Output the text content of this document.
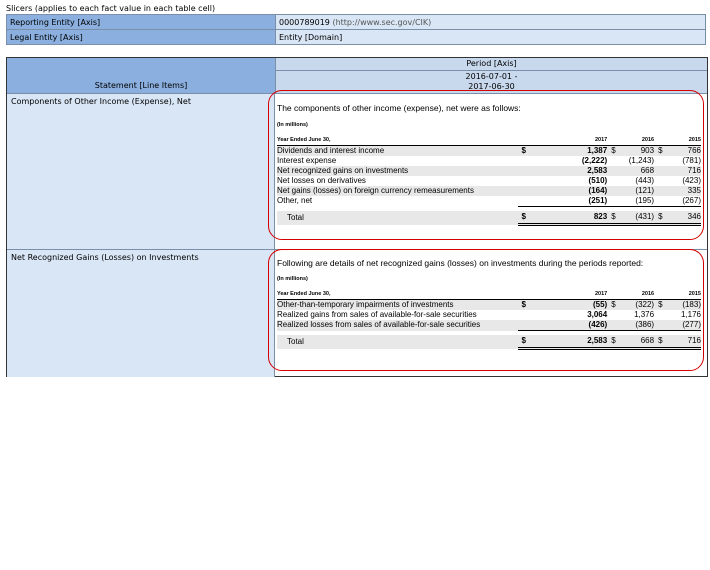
Slicers (applies to each fact value in each table cell)
Reporting Entity [Axis]	0000789019 (http://www.sec.gov/CIK)
Legal Entity [Axis]	Entity [Domain]
Statement [Line Items]
Period [Axis]
2016-07-01 -
2017-06-30
Components of Other Income (Expense), Net
The components of other income (expense), net were as follows:
(In millions)
Year Ended June 30,		2017		2016		2015
Dividends and interest income	$	1,387	$	903	$	766
Interest expense		(2,222)		(1,243)		(781)
Net recognized gains on investments		2,583		668		716
Net losses on derivatives		(510)		(443)		(423)
Net gains (losses) on foreign currency remeasurements		(164)		(121)		335
Other, net		(251)		(195)		(267)

Total	$	823	$	(431)	$	346
Net Recognized Gains (Losses) on Investments
Following are details of net recognized gains (losses) on investments during the periods reported:
(In millions)
Year Ended June 30,		2017		2016		2015
Other-than-temporary impairments of investments	$	(55)	$	(322)	$	(183)
Realized gains from sales of available-for-sale securities		3,064		1,376		1,176
Realized losses from sales of available-for-sale securities		(426)		(386)		(277)

Total	$	2,583	$	668	$	716
